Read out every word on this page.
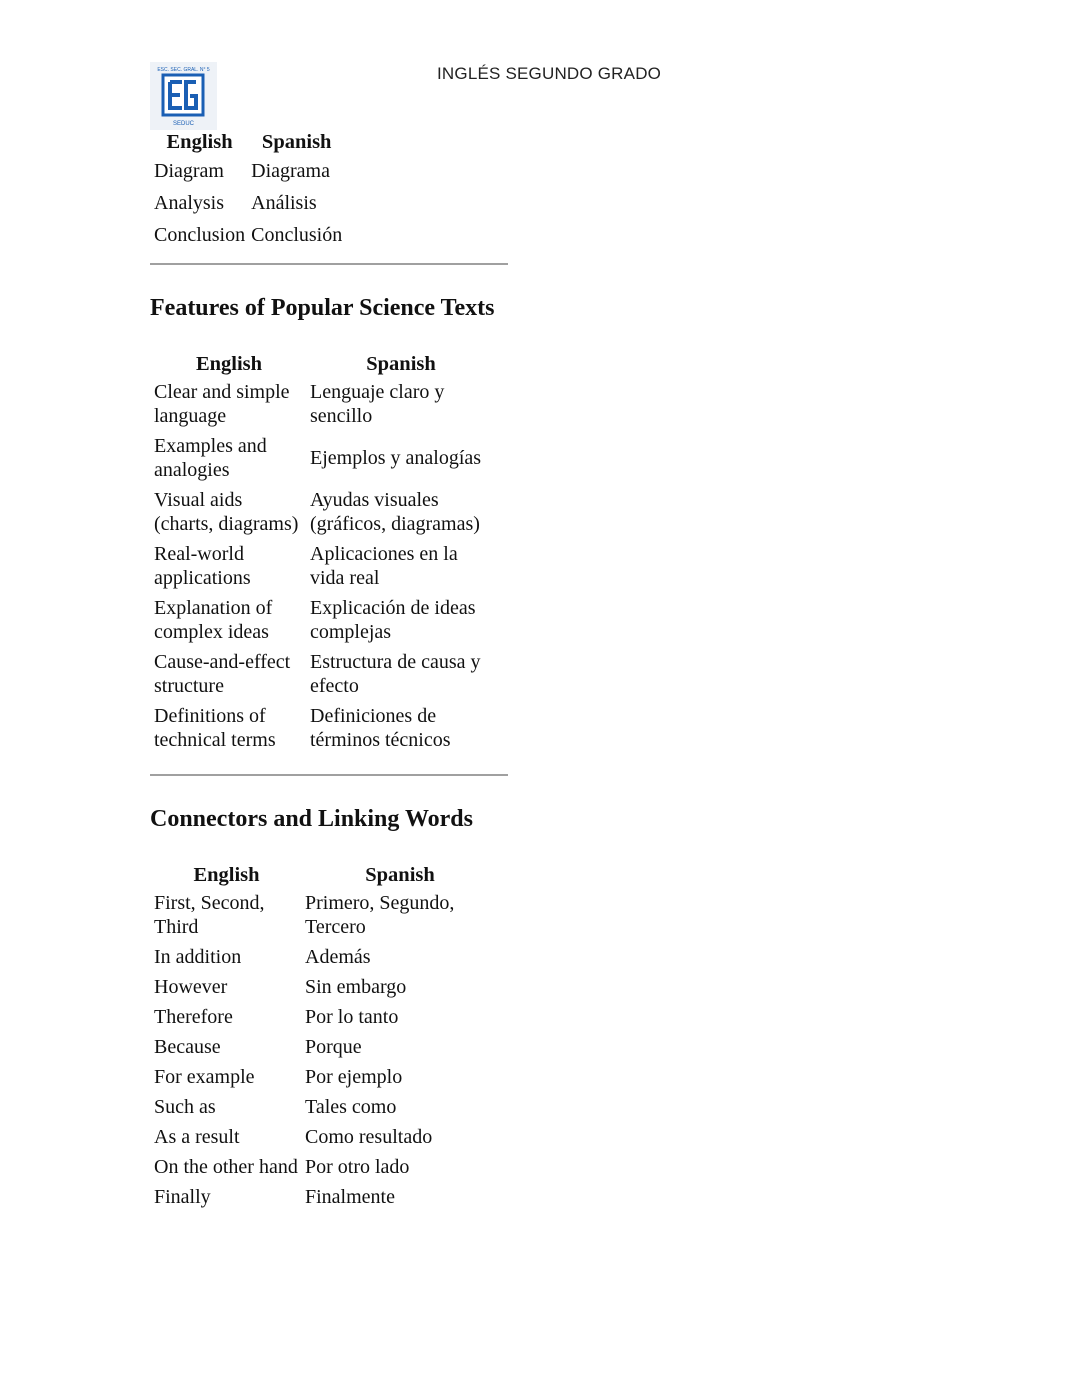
INGLÉS SEGUNDO GRADO
ESC. SEC. GRAL. N° 5
SEDUC
English	Spanish
Diagram	Diagrama
Analysis	Análisis
Conclusion	Conclusión
Features of Popular Science Texts
English	Spanish
Clear and simple language	Lenguaje claro y sencillo
Examples and analogies	Ejemplos y analogías
Visual aids (charts, diagrams)	Ayudas visuales (gráficos, diagramas)
Real-world applications	Aplicaciones en la vida real
Explanation of complex ideas	Explicación de ideas complejas
Cause-and-effect structure	Estructura de causa y efecto
Definitions of technical terms	Definiciones de términos técnicos
Connectors and Linking Words
English	Spanish
First, Second, Third	Primero, Segundo, Tercero
In addition	Además
However	Sin embargo
Therefore	Por lo tanto
Because	Porque
For example	Por ejemplo
Such as	Tales como
As a result	Como resultado
On the other hand	Por otro lado
Finally	Finalmente
